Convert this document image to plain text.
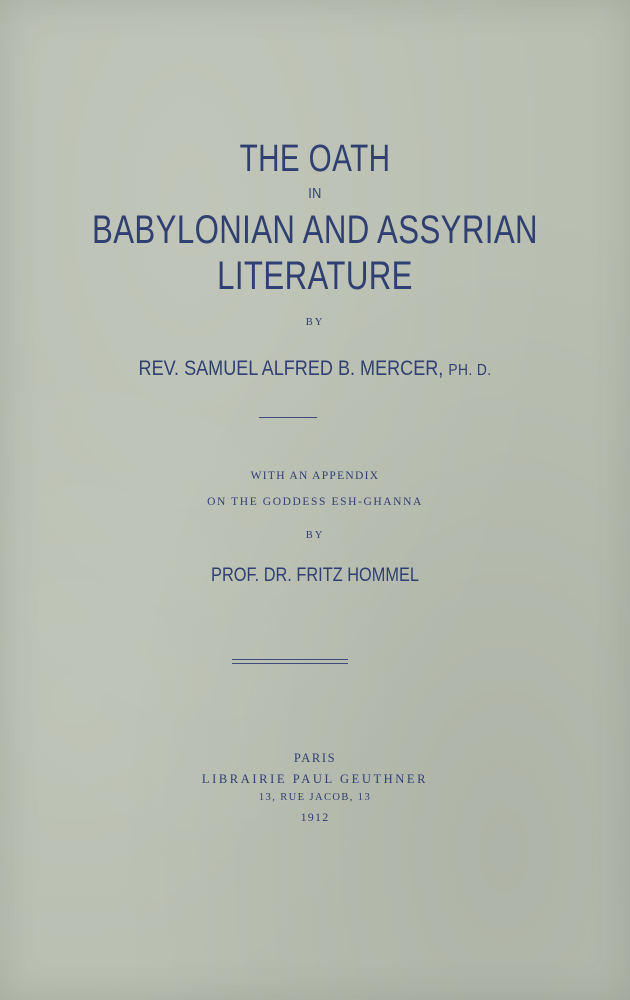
THE OATH
IN
BABYLONIAN AND ASSYRIAN
LITERATURE
BY
REV. SAMUEL ALFRED B. MERCER, PH. D.
WITH AN APPENDIX
ON THE GODDESS ESH-GHANNA
BY
PROF. DR. FRITZ HOMMEL
PARIS
LIBRAIRIE PAUL GEUTHNER
13, RUE JACOB, 13
1912
